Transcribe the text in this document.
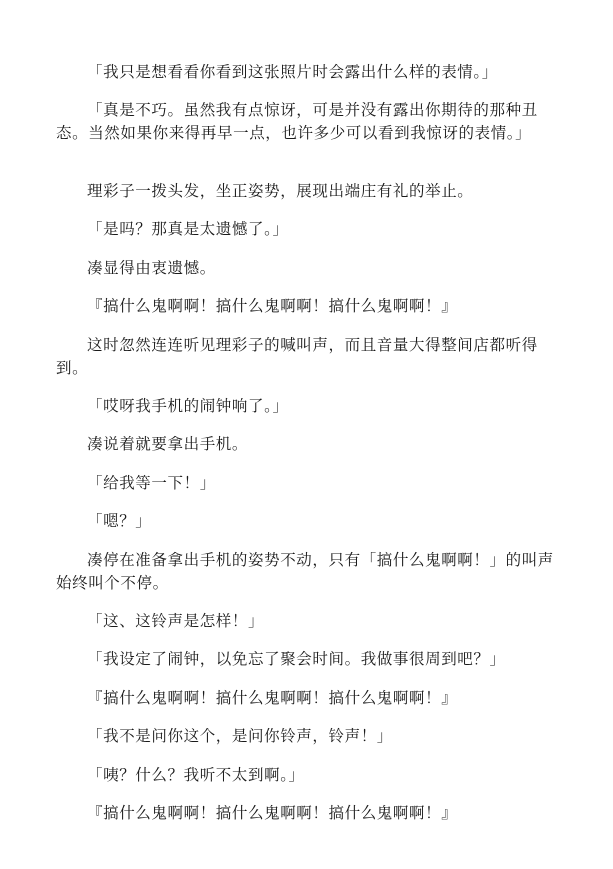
「我只是想看看你看到这张照片时会露出什么样的表情。」

「真是不巧。虽然我有点惊讶，可是并没有露出你期待的那种丑态。当然如果你来得再早一点，也许多少可以看到我惊讶的表情。」

理彩子一拨头发，坐正姿势，展现出端庄有礼的举止。

「是吗？那真是太遗憾了。」

凑显得由衷遗憾。

『搞什么鬼啊啊！搞什么鬼啊啊！搞什么鬼啊啊！』

这时忽然连连听见理彩子的喊叫声，而且音量大得整间店都听得到。

「哎呀我手机的闹钟响了。」

凑说着就要拿出手机。

「给我等一下！」

「嗯？」

凑停在准备拿出手机的姿势不动，只有「搞什么鬼啊啊！」的叫声始终叫个不停。

「这、这铃声是怎样！」

「我设定了闹钟，以免忘了聚会时间。我做事很周到吧？」

『搞什么鬼啊啊！搞什么鬼啊啊！搞什么鬼啊啊！』

「我不是问你这个，是问你铃声，铃声！」

「咦？什么？我听不太到啊。」

『搞什么鬼啊啊！搞什么鬼啊啊！搞什么鬼啊啊！』
